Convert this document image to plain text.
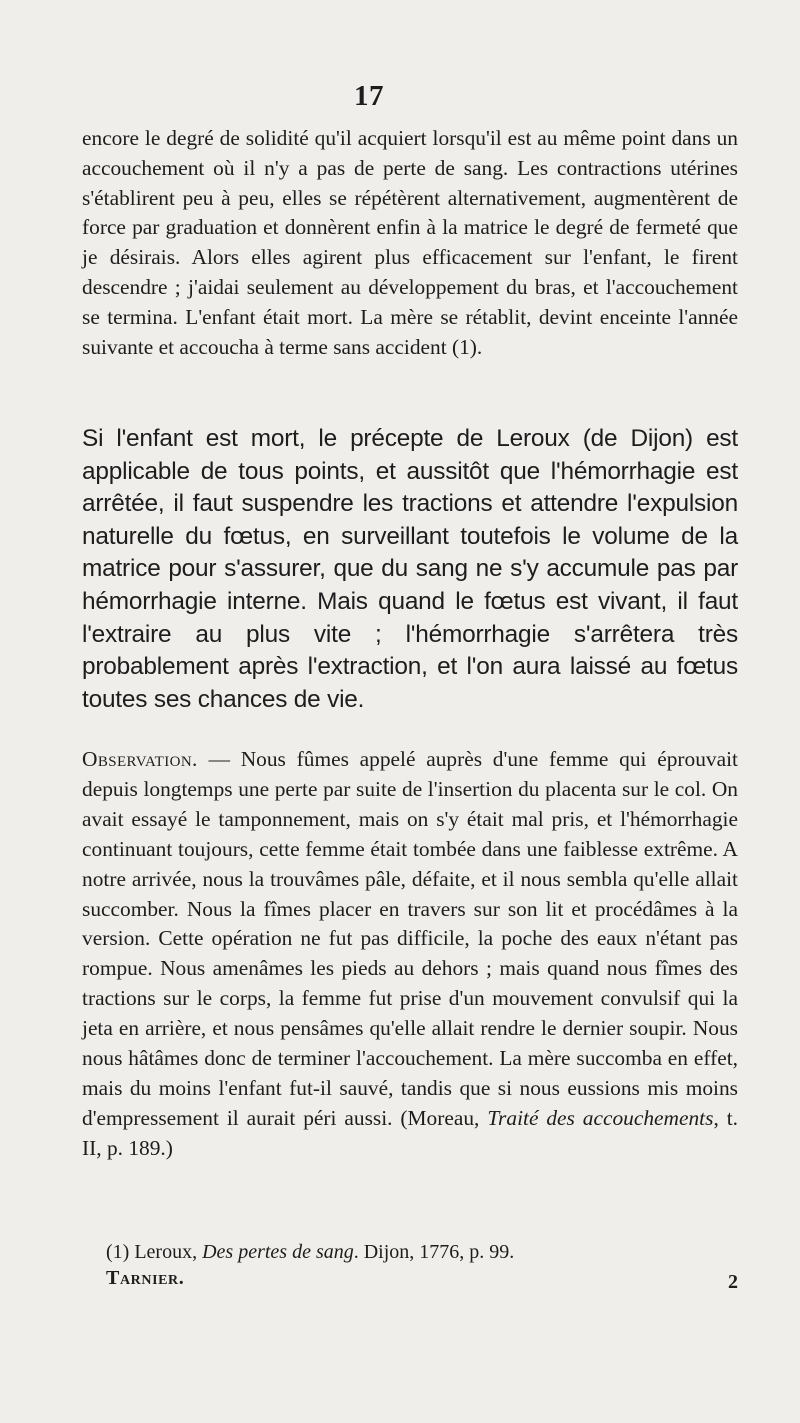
17

encore le degré de solidité qu'il acquiert lorsqu'il est au même point dans un accouchement où il n'y a pas de perte de sang. Les contractions utérines s'établirent peu à peu, elles se répétèrent alternativement, augmentèrent de force par graduation et donnèrent enfin à la matrice le degré de fermeté que je désirais. Alors elles agirent plus efficacement sur l'enfant, le firent descendre ; j'aidai seulement au développement du bras, et l'accouchement se termina. L'enfant était mort. La mère se rétablit, devint enceinte l'année suivante et accoucha à terme sans accident (1).

Si l'enfant est mort, le précepte de Leroux (de Dijon) est applicable de tous points, et aussitôt que l'hémorrhagie est arrêtée, il faut suspendre les tractions et attendre l'expulsion naturelle du fœtus, en surveillant toutefois le volume de la matrice pour s'assurer, que du sang ne s'y accumule pas par hémorrhagie interne. Mais quand le fœtus est vivant, il faut l'extraire au plus vite ; l'hémorrhagie s'arrêtera très probablement après l'extraction, et l'on aura laissé au fœtus toutes ses chances de vie.

Observation. — Nous fûmes appelé auprès d'une femme qui éprouvait depuis longtemps une perte par suite de l'insertion du placenta sur le col. On avait essayé le tamponnement, mais on s'y était mal pris, et l'hémorrhagie continuant toujours, cette femme était tombée dans une faiblesse extrême. A notre arrivée, nous la trouvâmes pâle, défaite, et il nous sembla qu'elle allait succomber. Nous la fîmes placer en travers sur son lit et procédâmes à la version. Cette opération ne fut pas difficile, la poche des eaux n'étant pas rompue. Nous amenâmes les pieds au dehors ; mais quand nous fîmes des tractions sur le corps, la femme fut prise d'un mouvement convulsif qui la jeta en arrière, et nous pensâmes qu'elle allait rendre le dernier soupir. Nous nous hâtâmes donc de terminer l'accouchement. La mère succomba en effet, mais du moins l'enfant fut-il sauvé, tandis que si nous eussions mis moins d'empressement il aurait péri aussi. (Moreau, Traité des accouchements, t. II, p. 189.)

(1) Leroux, Des pertes de sang. Dijon, 1776, p. 99.

Tarnier.	2
